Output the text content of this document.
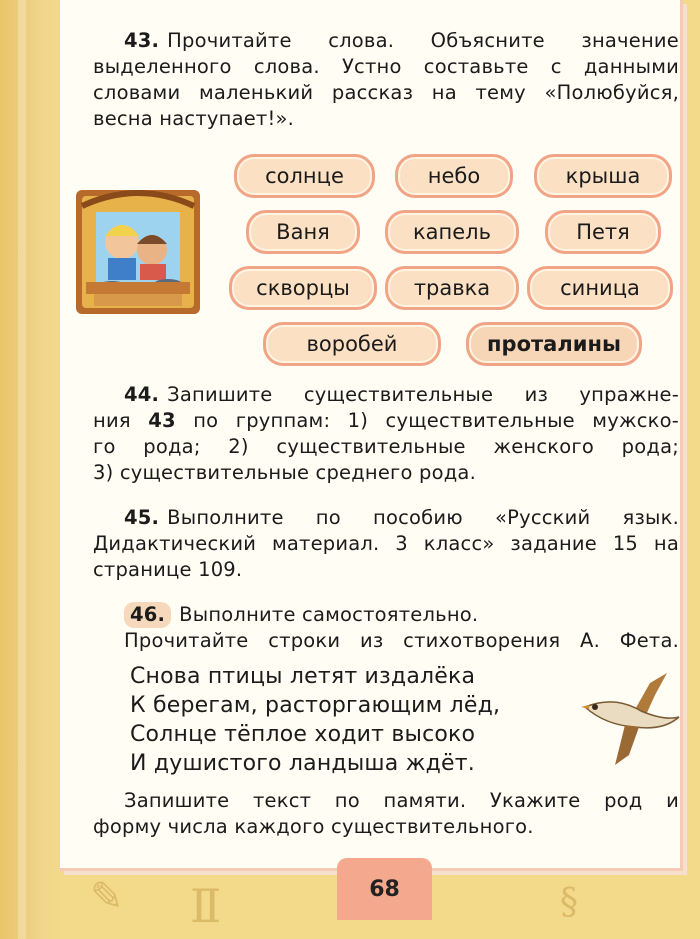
✎ Ⅱ	§

43. Прочитайте слова. Объясните значение

выделенного слова. Устно составьте с данными

словами маленький рассказ на тему «Полюбуйся,

весна наступает!».

солнце	небо	крыша
Ваня	капель	Петя
скворцы	травка	синица
воробей	проталины

44. Запишите существительные из упражне-

ния 43 по группам: 1) существительные мужско-

го рода; 2) существительные женского рода;

3) существительные среднего рода.

45. Выполните по пособию «Русский язык.

Дидактический материал. 3 класс» задание 15 на

странице 109.

46. Выполните самостоятельно.

Прочитайте строки из стихотворения А. Фета.

Снова птицы летят издалёка

К берегам, расторгающим лёд,

Солнце тёплое ходит высоко

И душистого ландыша ждёт.

Запишите текст по памяти. Укажите род и

форму числа каждого существительного.

68
